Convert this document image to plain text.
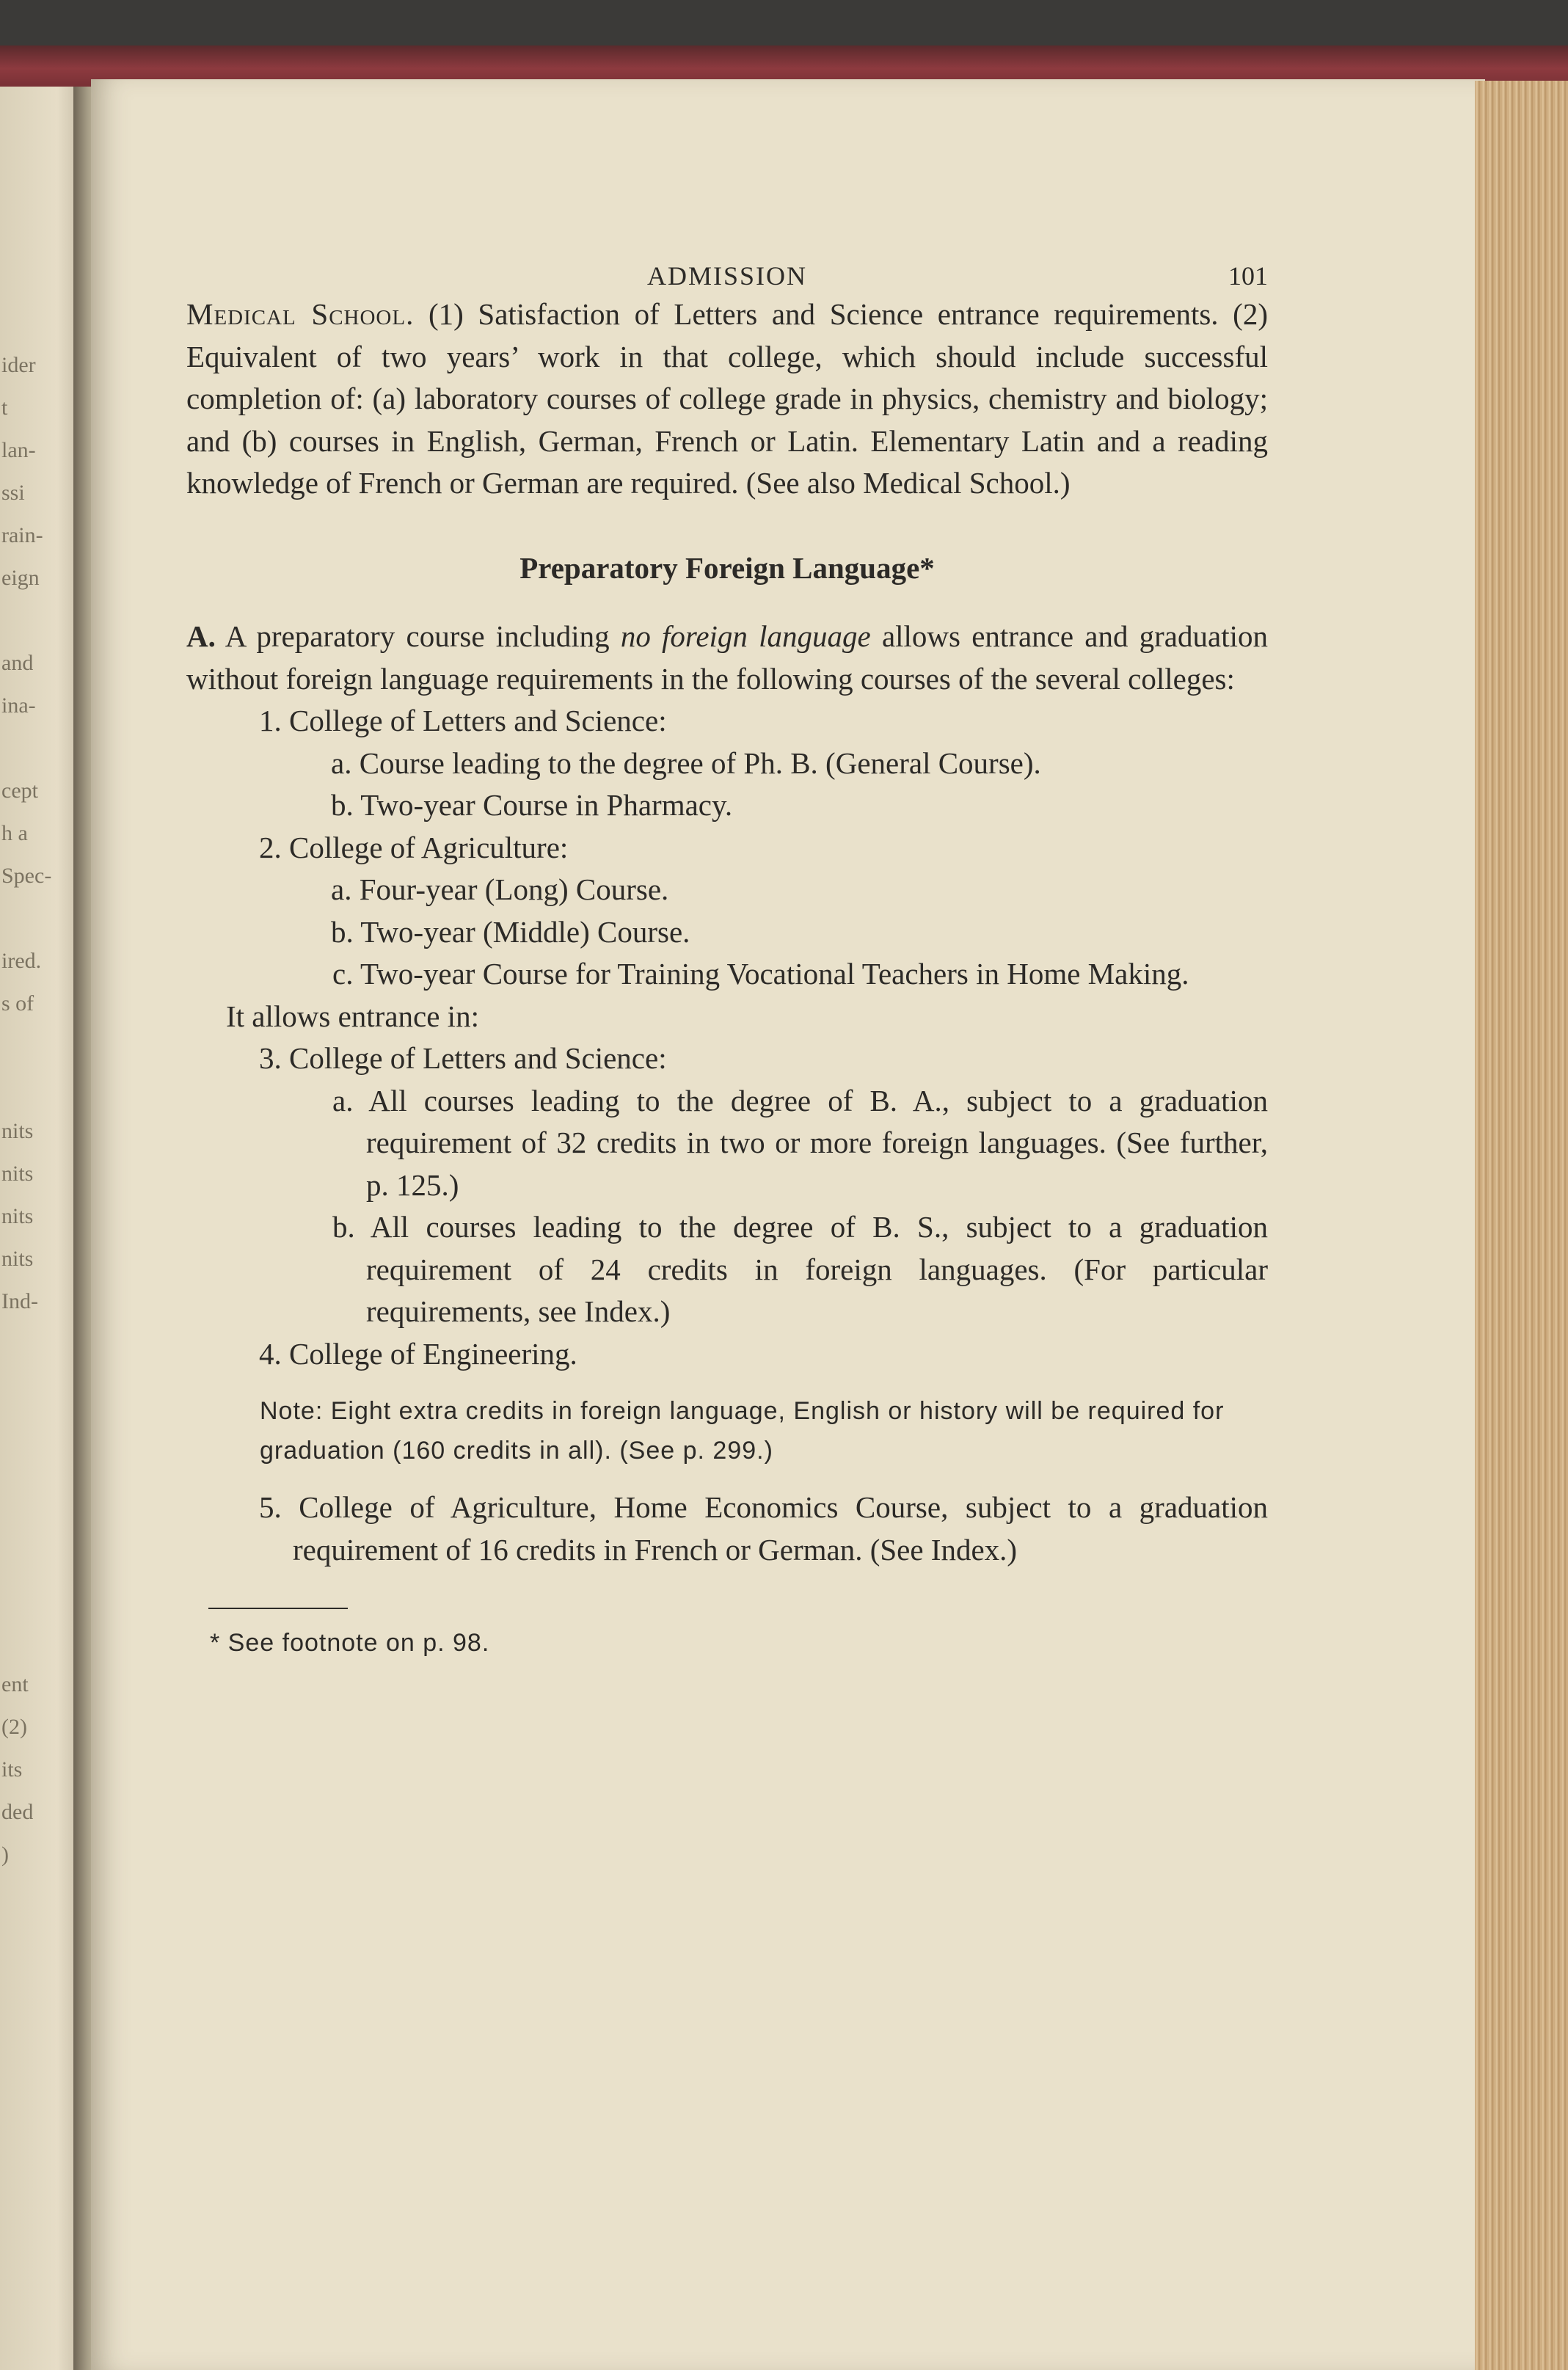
ider
t
lan-
ssi
rain-
eign

and
ina-

cept
h a
Spec-

ired.
s of

nits
nits
nits
nits
Ind-

ent
(2)
its
ded
)
ADMISSION	101

Medical School. (1) Satisfaction of Letters and Science entrance requirements. (2) Equivalent of two years’ work in that college, which should include successful completion of: (a) laboratory courses of college grade in physics, chemistry and biology; and (b) courses in English, German, French or Latin. Elementary Latin and a reading knowledge of French or German are required. (See also Medical School.)

Preparatory Foreign Language*

A. A preparatory course including no foreign language allows entrance and graduation without foreign language requirements in the following courses of the several colleges:

1. College of Letters and Science:

a. Course leading to the degree of Ph. B. (General Course).

b. Two-year Course in Pharmacy.

2. College of Agriculture:

a. Four-year (Long) Course.

b. Two-year (Middle) Course.

c. Two-year Course for Training Vocational Teachers in Home Making.

It allows entrance in:

3. College of Letters and Science:

a. All courses leading to the degree of B. A., subject to a graduation requirement of 32 credits in two or more foreign languages. (See further, p. 125.)

b. All courses leading to the degree of B. S., subject to a graduation requirement of 24 credits in foreign languages. (For particular requirements, see Index.)

4. College of Engineering.

Note: Eight extra credits in foreign language, English or history will be required for graduation (160 credits in all). (See p. 299.)

5. College of Agriculture, Home Economics Course, subject to a graduation requirement of 16 credits in French or German. (See Index.)

* See footnote on p. 98.
